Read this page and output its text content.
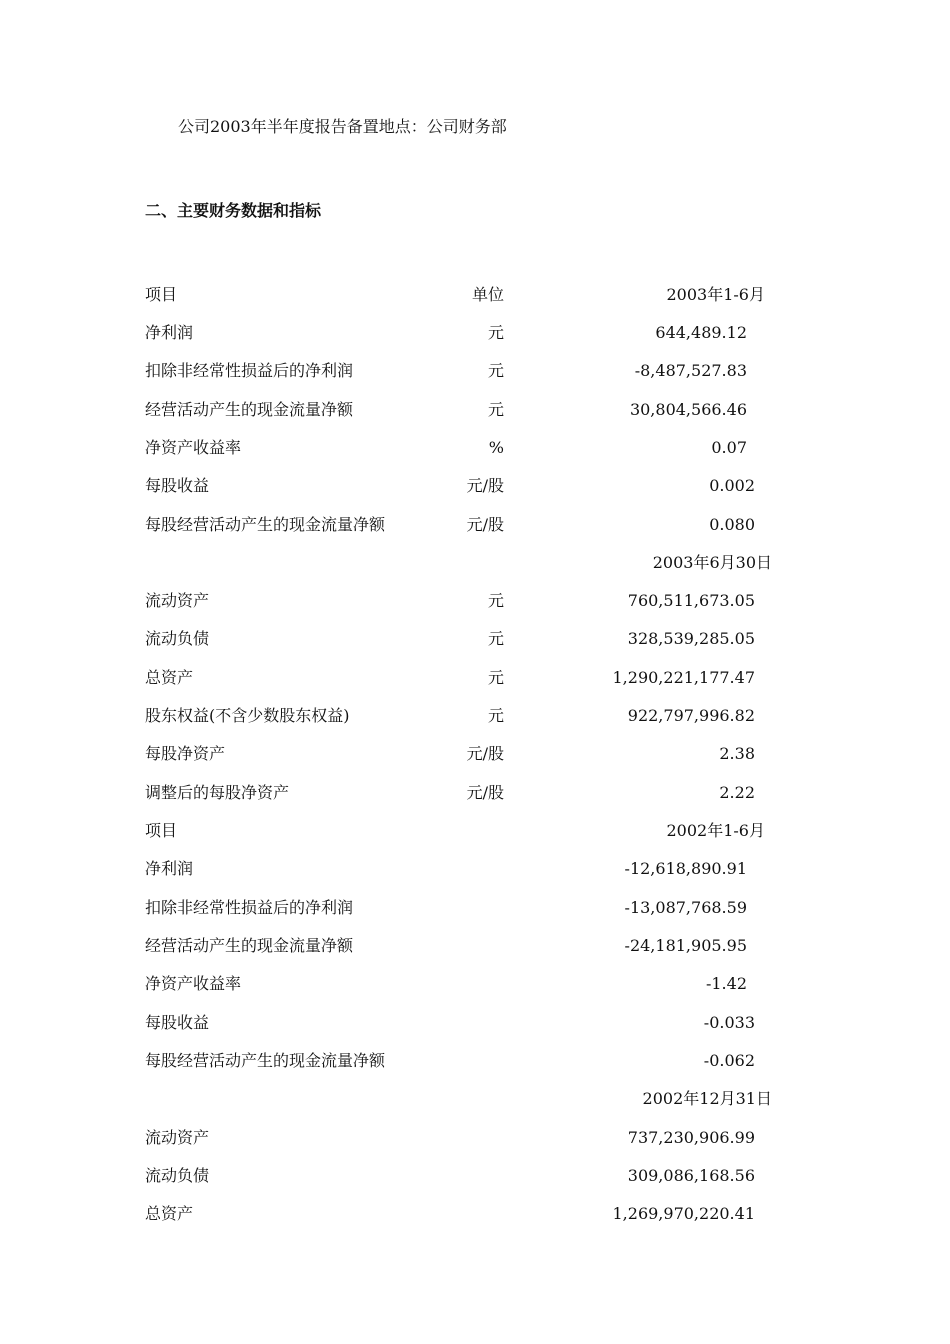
公司2003年半年度报告备置地点：公司财务部
二、主要财务数据和指标
项目	单位	2003年1-6月
净利润	元	644,489.12
扣除非经常性损益后的净利润	元	-8,487,527.83
经营活动产生的现金流量净额	元	30,804,566.46
净资产收益率	%	0.07
每股收益	元/股	0.002
每股经营活动产生的现金流量净额	元/股	0.080
2003年6月30日
流动资产	元	760,511,673.05
流动负债	元	328,539,285.05
总资产	元	1,290,221,177.47
股东权益(不含少数股东权益)	元	922,797,996.82
每股净资产	元/股	2.38
调整后的每股净资产	元/股	2.22
项目	2002年1-6月
净利润	-12,618,890.91
扣除非经常性损益后的净利润	-13,087,768.59
经营活动产生的现金流量净额	-24,181,905.95
净资产收益率	-1.42
每股收益	-0.033
每股经营活动产生的现金流量净额	-0.062
2002年12月31日
流动资产	737,230,906.99
流动负债	309,086,168.56
总资产	1,269,970,220.41
